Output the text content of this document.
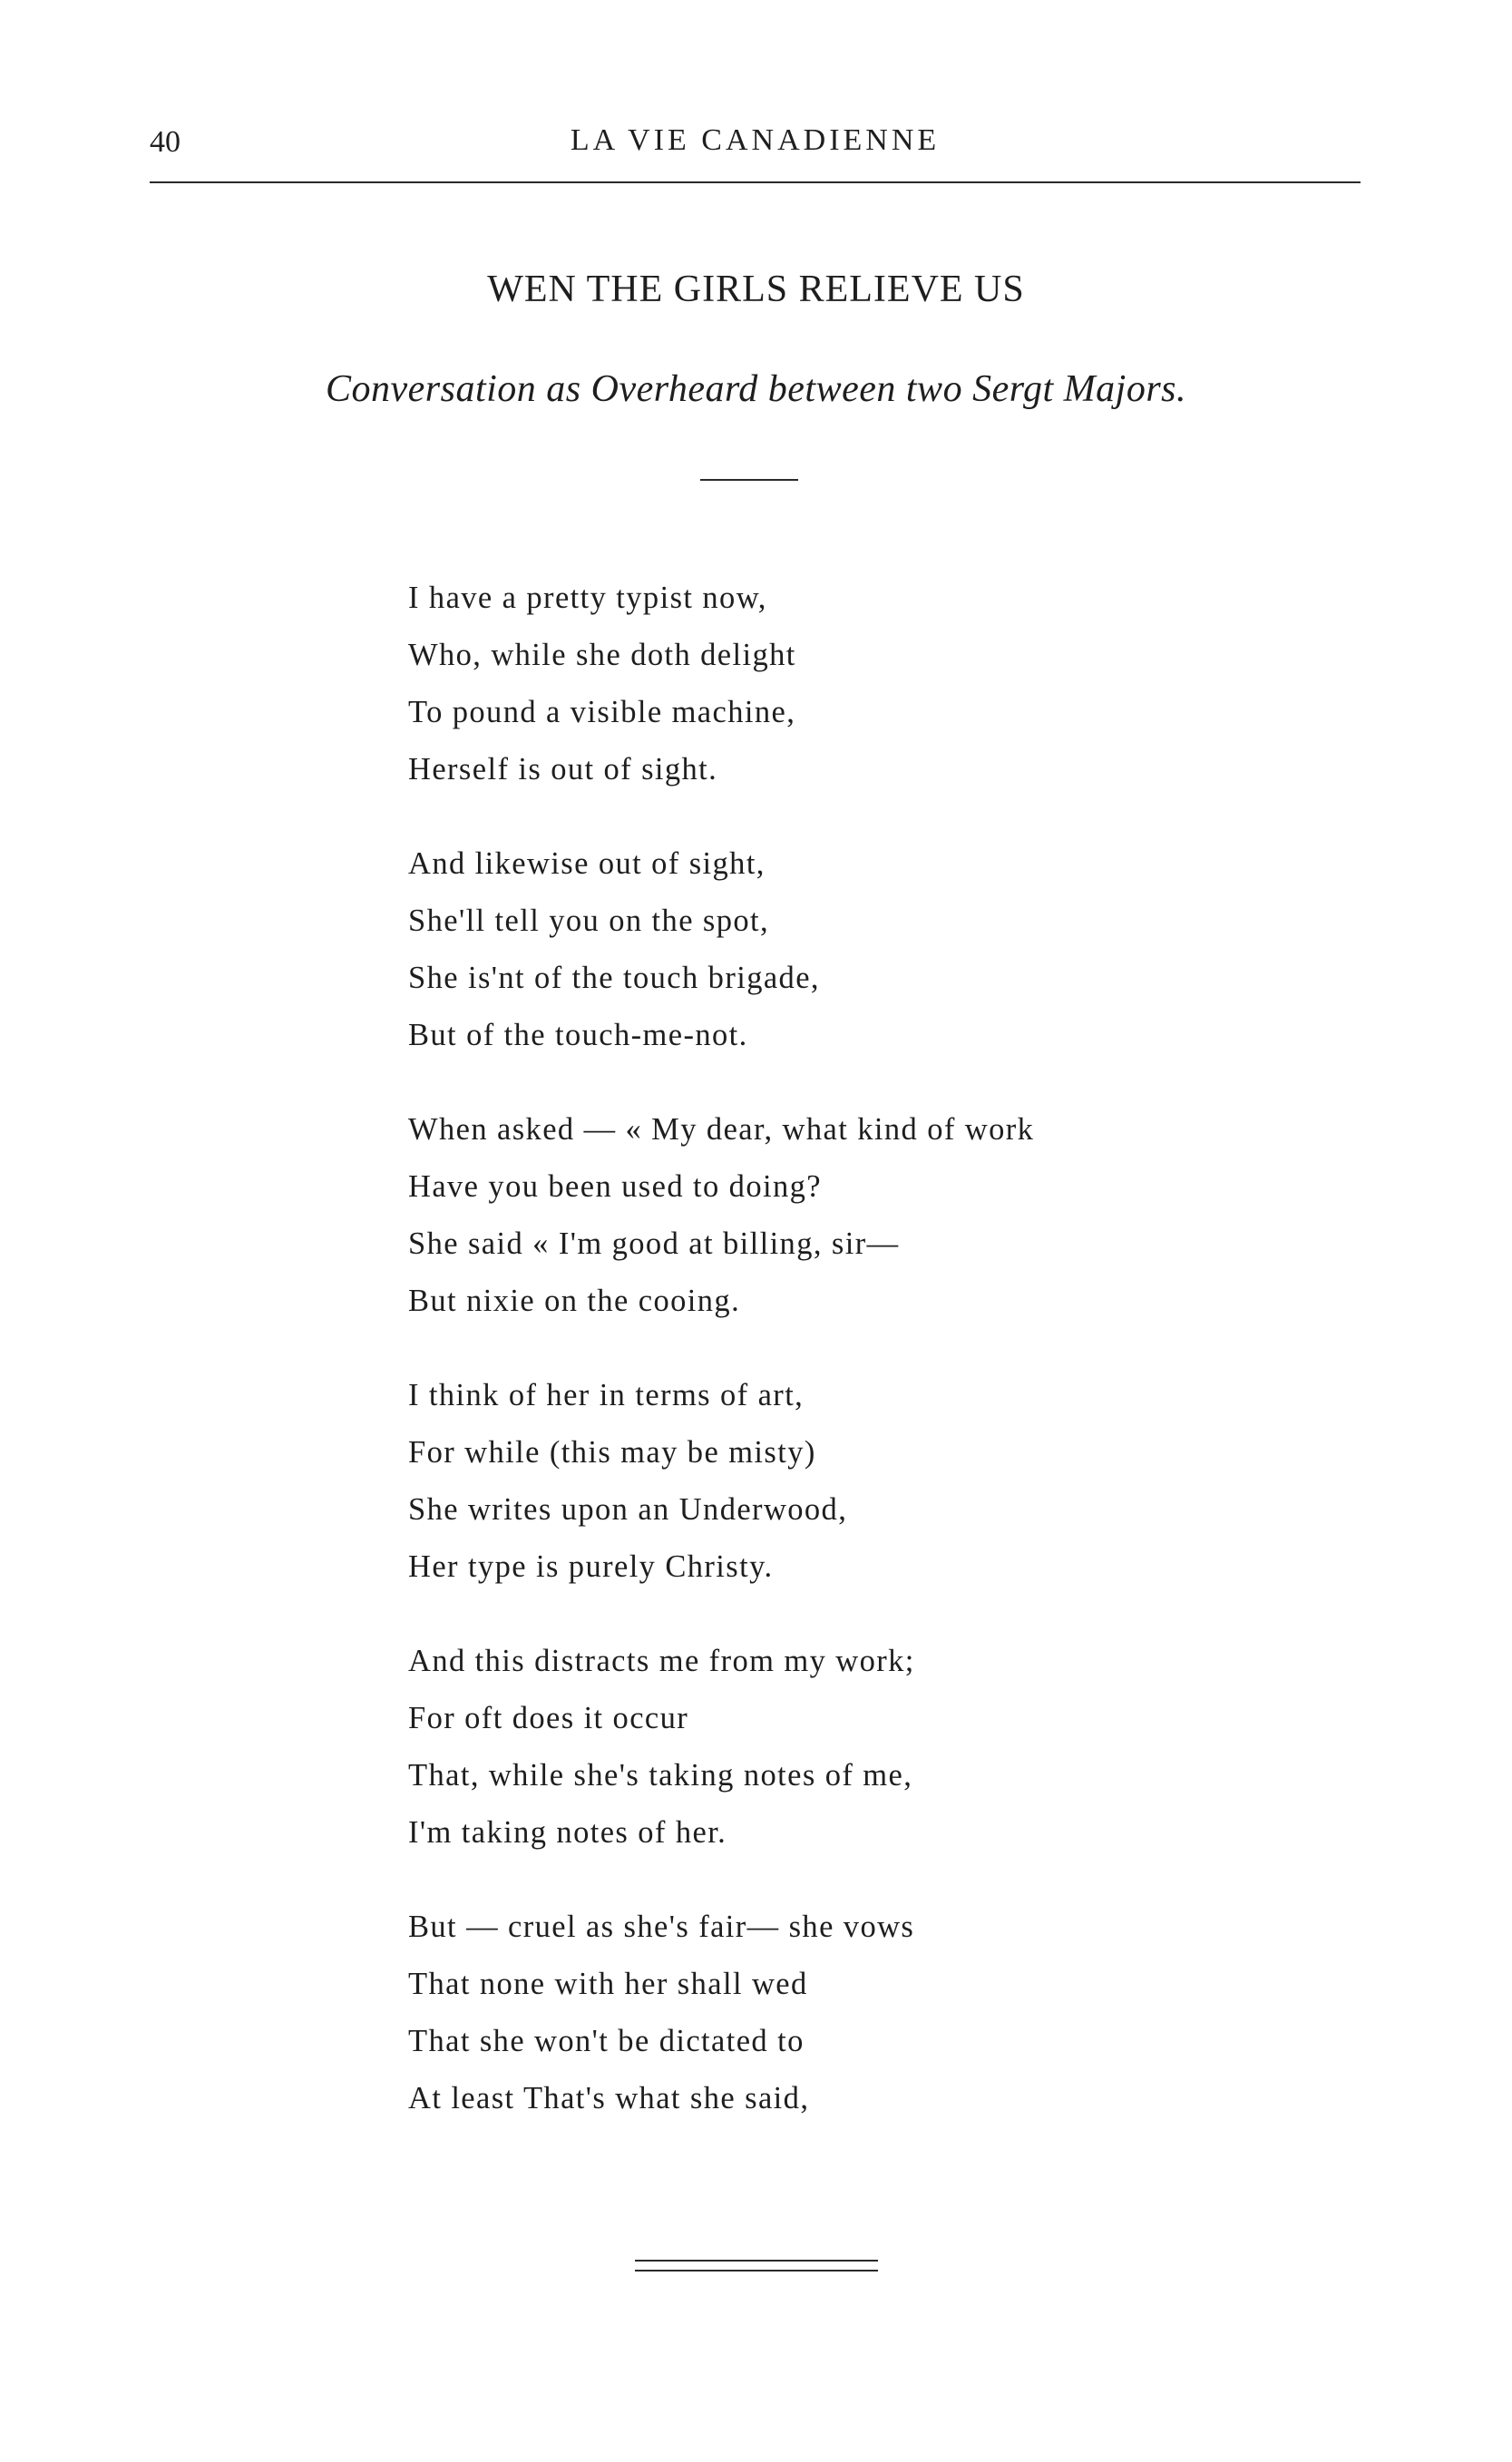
40	LA VIE CANADIENNE
WEN THE GIRLS RELIEVE US
Conversation as Overheard between two Sergt Majors.
I have a pretty typist now,
Who, while she doth delight
To pound a visible machine,
Herself is out of sight.
And likewise out of sight,
She'll tell you on the spot,
She is'nt of the touch brigade,
But of the touch-me-not.
When asked — « My dear, what kind of work
Have you been used to doing?
She said « I'm good at billing, sir—
But nixie on the cooing.
I think of her in terms of art,
For while (this may be misty)
She writes upon an Underwood,
Her type is purely Christy.
And this distracts me from my work;
For oft does it occur
That, while she's taking notes of me,
I'm taking notes of her.
But — cruel as she's fair— she vows
That none with her shall wed
That she won't be dictated to
At least That's what she said,
